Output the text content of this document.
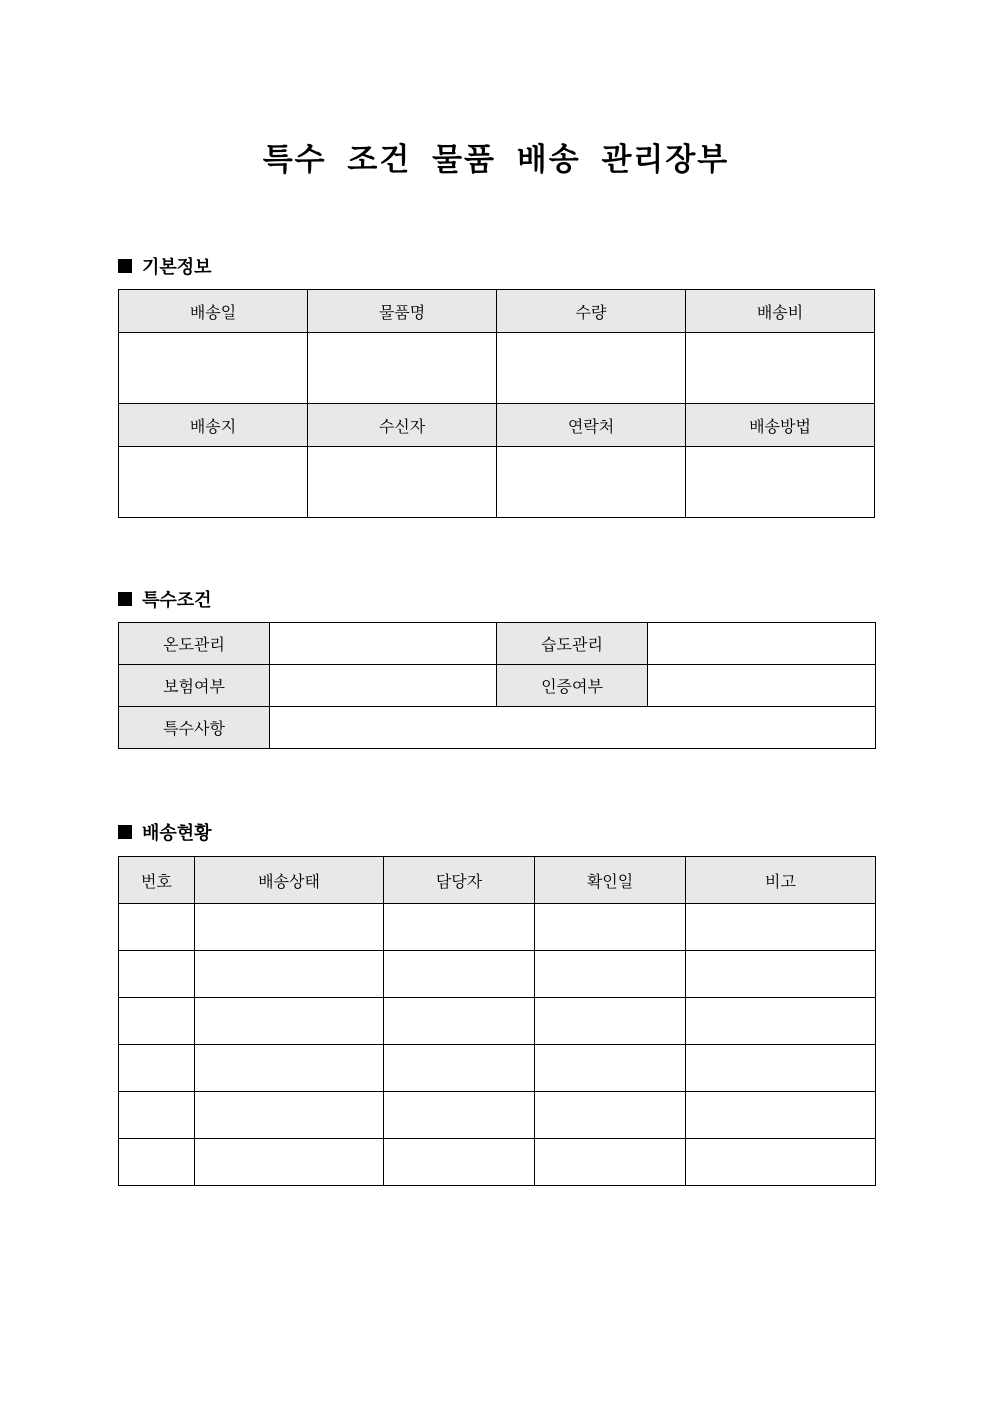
특수 조건 물품 배송 관리장부
기본정보
배송일	물품명	수량	배송비

배송지	수신자	연락처	배송방법

특수조건
온도관리		습도관리	
보험여부		인증여부	
특수사항			
배송현황
번호	배송상태	담당자	확인일	비고
